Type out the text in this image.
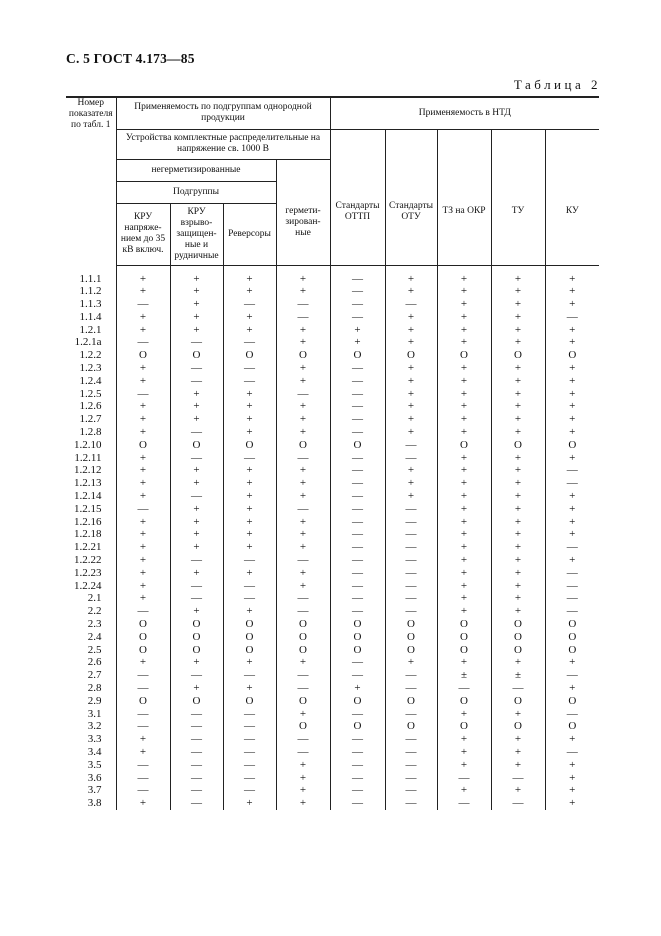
С. 5 ГОСТ 4.173—85
Таблица 2
Номер показателя по табл. 1	Применяемость по подгруппам однородной продукции				Применяемость в НТД				
	Устройства комплектные распределительные на напряжение св. 1000 В								
	негерметизированные				Стандарты ОТТП	Стандарты ОТУ	ТЗ на ОКР	ТУ	КУ
	Подгруппы			гермети- зирован- ные					
	КРУ напряже- нием до 35 кВ включ.	КРУ взрыво- защищен- ные и рудничные	Реверсоры						

1.1.1	+	+	+	+	—	+	+	+	+
1.1.2	+	+	+	+	—	+	+	+	+
1.1.3	—	+	—	—	—	—	+	+	+
1.1.4	+	+	+	—	—	+	+	+	—
1.2.1	+	+	+	+	+	+	+	+	+
1.2.1а	—	—	—	+	+	+	+	+	+
1.2.2	O	O	O	O	O	O	O	O	O
1.2.3	+	—	—	+	—	+	+	+	+
1.2.4	+	—	—	+	—	+	+	+	+
1.2.5	—	+	+	—	—	+	+	+	+
1.2.6	+	+	+	+	—	+	+	+	+
1.2.7	+	+	+	+	—	+	+	+	+
1.2.8	+	—	+	+	—	+	+	+	+
1.2.10	O	O	O	O	O	—	O	O	O
1.2.11	+	—	—	—	—	—	+	+	+
1.2.12	+	+	+	+	—	+	+	+	—
1.2.13	+	+	+	+	—	+	+	+	—
1.2.14	+	—	+	+	—	+	+	+	+
1.2.15	—	+	+	—	—	—	+	+	+
1.2.16	+	+	+	+	—	—	+	+	+
1.2.18	+	+	+	+	—	—	+	+	+
1.2.21	+	+	+	+	—	—	+	+	—
1.2.22	+	—	—	—	—	—	+	+	+
1.2.23	+	+	+	+	—	—	+	+	—
1.2.24	+	—	—	+	—	—	+	+	—
2.1	+	—	—	—	—	—	+	+	—
2.2	—	+	+	—	—	—	+	+	—
2.3	O	O	O	O	O	O	O	O	O
2.4	O	O	O	O	O	O	O	O	O
2.5	O	O	O	O	O	O	O	O	O
2.6	+	+	+	+	—	+	+	+	+
2.7	—	—	—	—	—	—	±	±	—
2.8	—	+	+	—	+	—	—	—	+
2.9	O	O	O	O	O	O	O	O	O
3.1	—	—	—	+	—	—	+	+	—
3.2	—	—	—	O	O	O	O	O	O
3.3	+	—	—	—	—	—	+	+	+
3.4	+	—	—	—	—	—	+	+	—
3.5	—	—	—	+	—	—	+	+	+
3.6	—	—	—	+	—	—	—	—	+
3.7	—	—	—	+	—	—	+	+	+
3.8	+	—	+	+	—	—	—	—	+
